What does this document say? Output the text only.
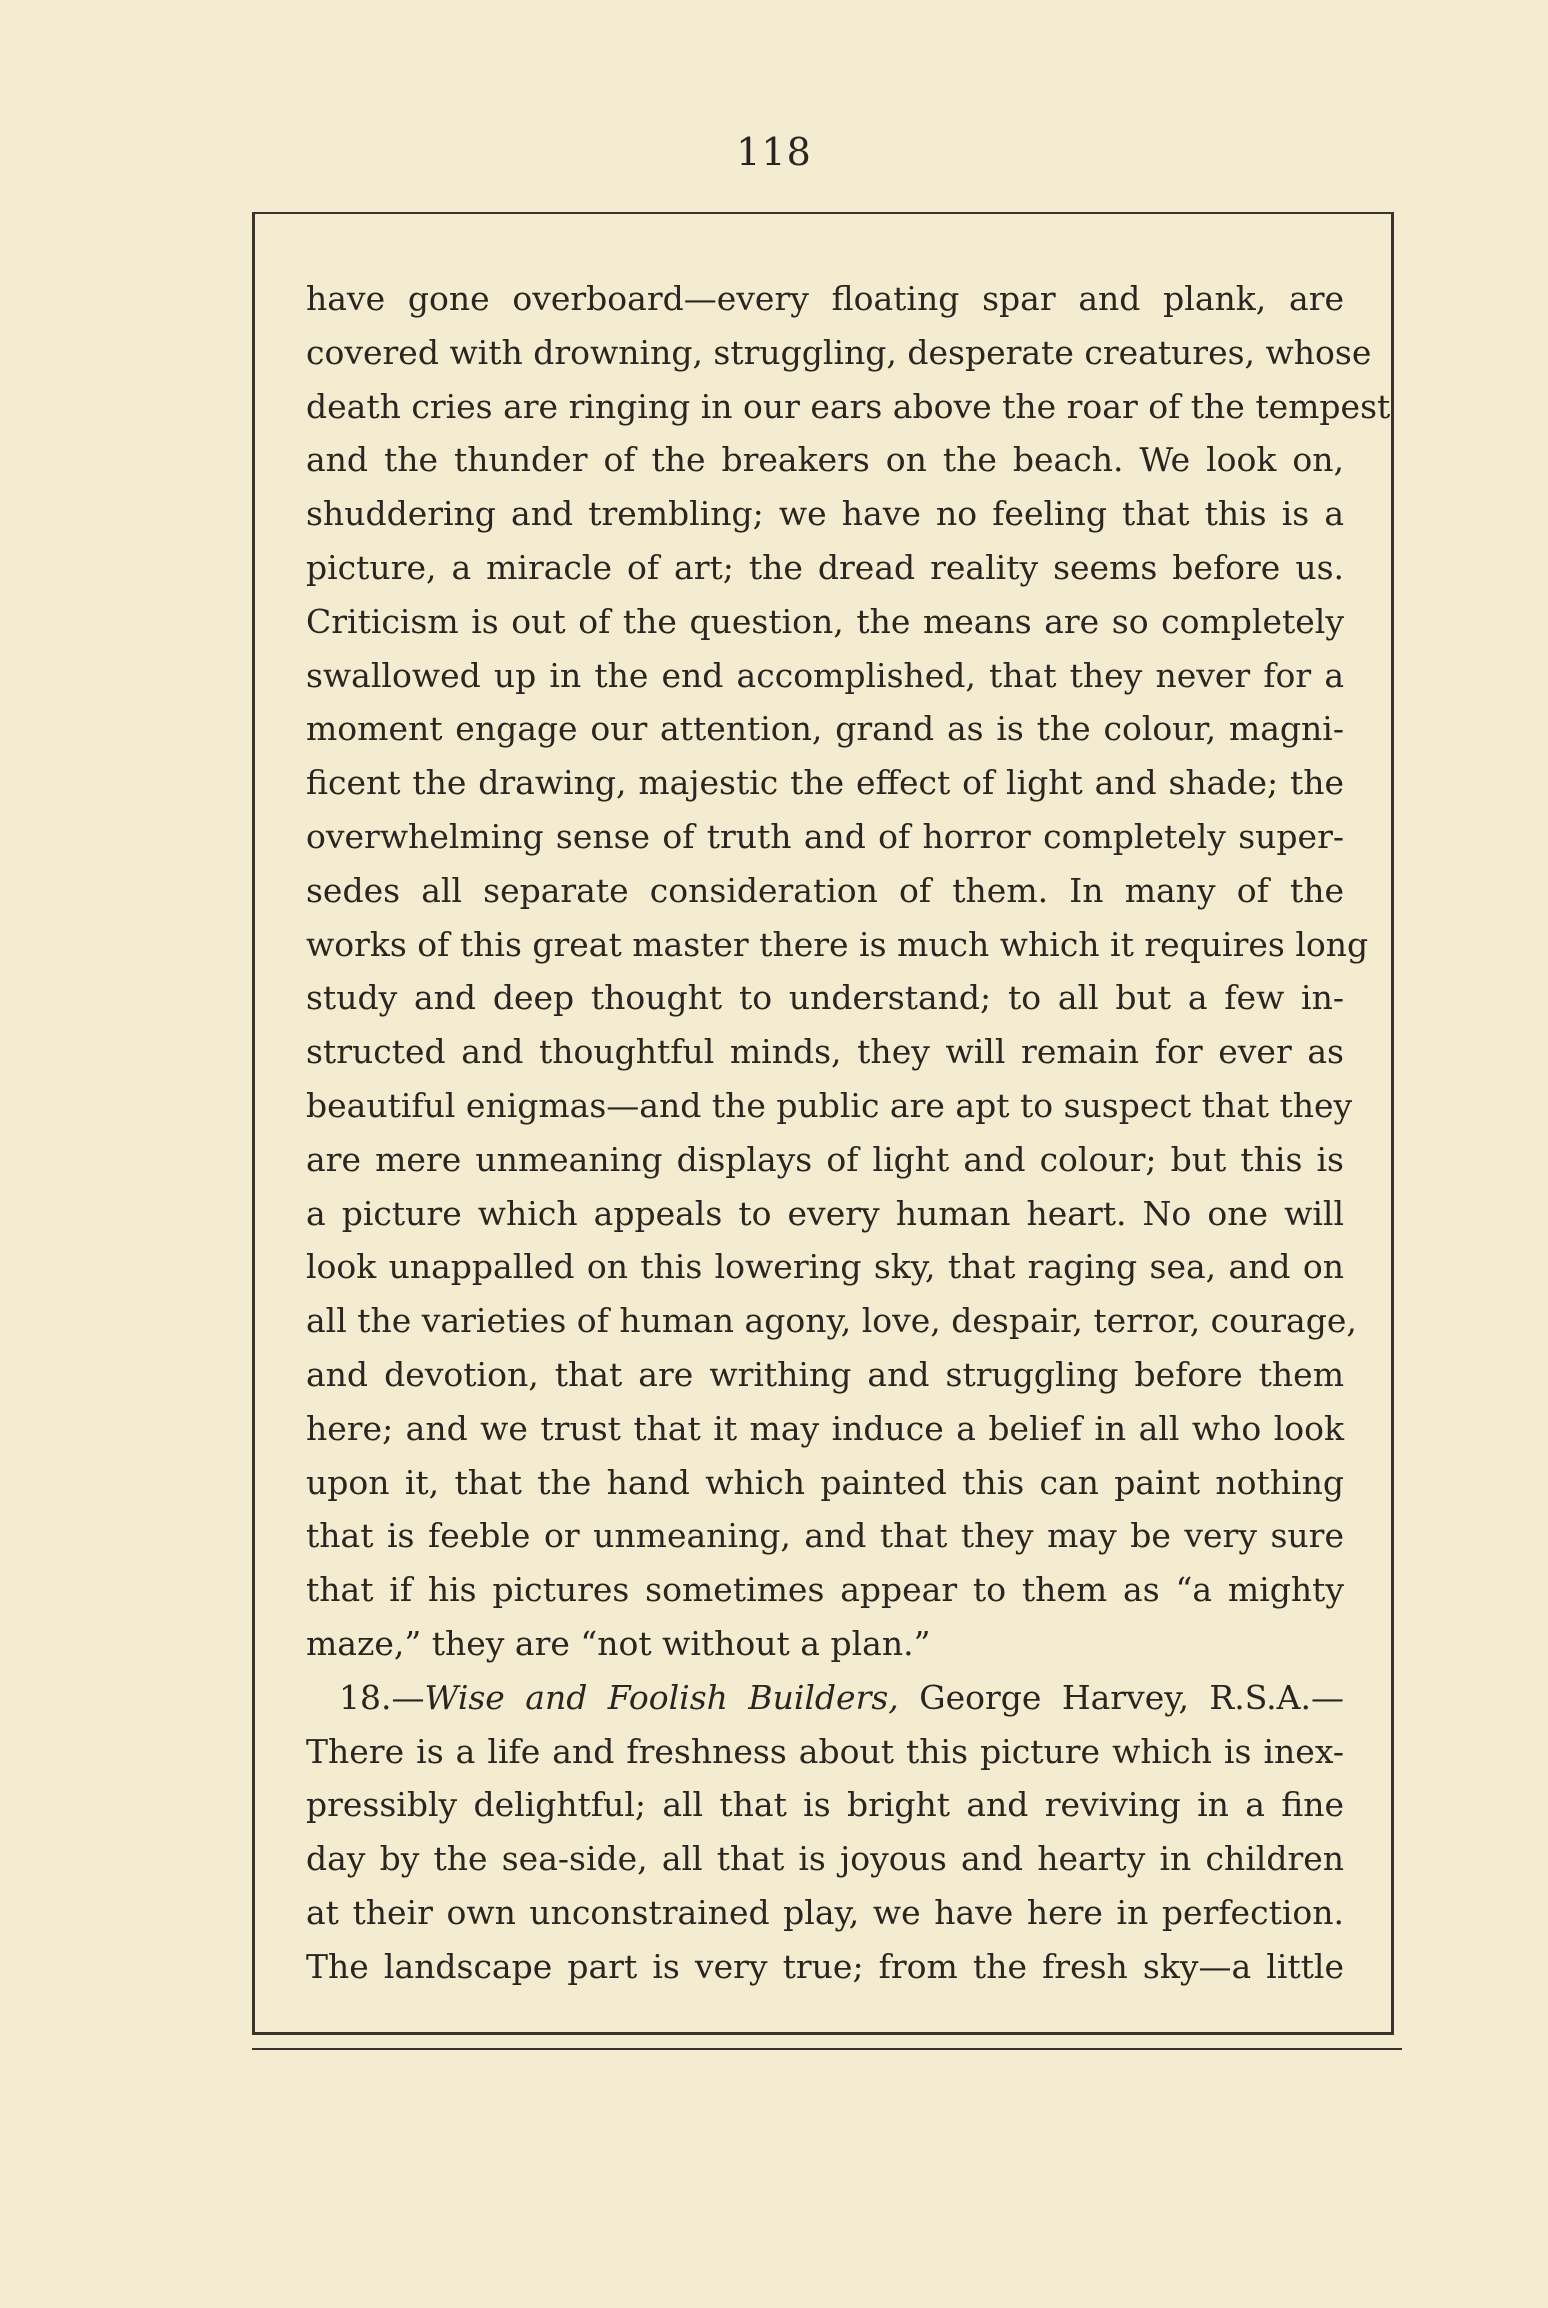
118
have gone overboard—every floating spar and plank, are
covered with drowning, struggling, desperate creatures, whose
death cries are ringing in our ears above the roar of the tempest
and the thunder of the breakers on the beach. We look on,
shuddering and trembling; we have no feeling that this is a
picture, a miracle of art; the dread reality seems before us.
Criticism is out of the question, the means are so completely
swallowed up in the end accomplished, that they never for a
moment engage our attention, grand as is the colour, magni-
ficent the drawing, majestic the effect of light and shade; the
overwhelming sense of truth and of horror completely super-
sedes all separate consideration of them. In many of the
works of this great master there is much which it requires long
study and deep thought to understand; to all but a few in-
structed and thoughtful minds, they will remain for ever as
beautiful enigmas—and the public are apt to suspect that they
are mere unmeaning displays of light and colour; but this is
a picture which appeals to every human heart. No one will
look unappalled on this lowering sky, that raging sea, and on
all the varieties of human agony, love, despair, terror, courage,
and devotion, that are writhing and struggling before them
here; and we trust that it may induce a belief in all who look
upon it, that the hand which painted this can paint nothing
that is feeble or unmeaning, and that they may be very sure
that if his pictures sometimes appear to them as “a mighty
maze,” they are “not without a plan.”
 18.—Wise and Foolish Builders, George Harvey, R.S.A.—
There is a life and freshness about this picture which is inex-
pressibly delightful; all that is bright and reviving in a fine
day by the sea-side, all that is joyous and hearty in children
at their own unconstrained play, we have here in perfection.
The landscape part is very true; from the fresh sky—a little
